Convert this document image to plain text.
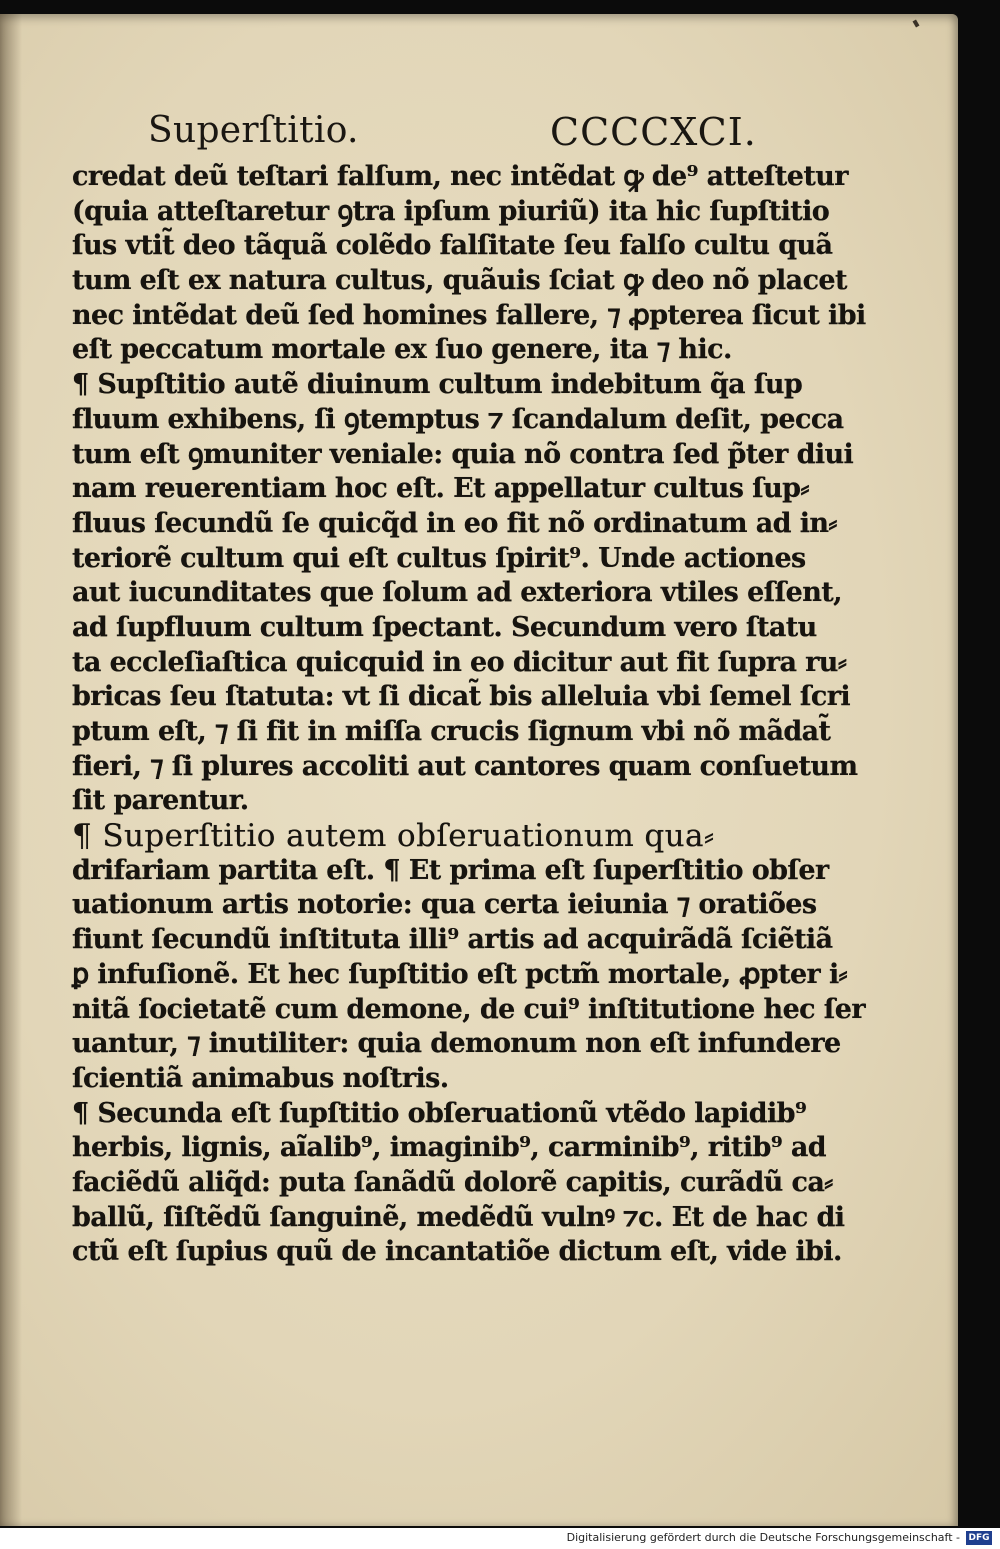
Superſtitio.	CCCCXCI.
credat deũ teſtari falſum, nec intẽdat ꝙ de⁹ atteſtetur
(quia atteſtaretur ꝯtra ipſum piuriũ) ita hic ſupſtitio
ſus vtit̃ deo tãquã colẽdo falſitate ſeu falſo cultu quã
tum eſt ex natura cultus, quãuis ſciat ꝙ deo nõ placet
nec intẽdat deũ ſed homines fallere, ⁊ ꝓpterea ſicut ibi
eſt peccatum mortale ex ſuo genere, ita ⁊ hic.
¶ Supſtitio autẽ diuinum cultum indebitum q̃a ſup
fluum exhibens, ſi ꝯtemptus ⁊ ſcandalum deſit, pecca
tum eſt ꝯmuniter veniale: quia nõ contra ſed p̃ter diui
nam reuerentiam hoc eſt. Et appellatur cultus ſup⸗
fluus ſecundũ ſe quicq̃d in eo fit nõ ordinatum ad in⸗
teriorẽ cultum qui eſt cultus ſpirit⁹. Unde actiones
aut iucunditates que ſolum ad exteriora vtiles eſſent,
ad ſupfluum cultum ſpectant. Secundum vero ſtatu
ta eccleſiaſtica quicquid in eo dicitur aut fit ſupra ru⸗
bricas ſeu ſtatuta: vt ſi dicat̃ bis alleluia vbi ſemel ſcri
ptum eſt, ⁊ ſi fit in miſſa crucis ſignum vbi nõ mãdat̃
fieri, ⁊ ſi plures accoliti aut cantores quam conſuetum
ſit parentur.
¶ Superſtitio autem obſeruationum qua⸗
drifariam partita eſt. ¶ Et prima eſt ſuperſtitio obſer
uationum artis notorie: qua certa ieiunia ⁊ oratiões
fiunt ſecundũ inſtituta illi⁹ artis ad acquirãdã ſciẽtiã
ꝑ infuſionẽ. Et hec ſupſtitio eſt pctm̃ mortale, ꝓpter i⸗
nitã ſocietatẽ cum demone, de cui⁹ inſtitutione hec ſer
uantur, ⁊ inutiliter: quia demonum non eſt infundere
ſcientiã animabus noſtris.
¶ Secunda eſt ſupſtitio obſeruationũ vtẽdo lapidib⁹
herbis, lignis, aĩalib⁹, imaginib⁹, carminib⁹, ritib⁹ ad
faciẽdũ aliq̃d: puta ſanãdũ dolorẽ capitis, curãdũ ca⸗
ballũ, ſiſtẽdũ ſanguinẽ, medẽdũ vulnꝰ ⁊c. Et de hac di
ctũ eſt ſupius quũ de incantatiõe dictum eſt, vide ibi.
Digitalisierung gefördert durch die Deutsche Forschungsgemeinschaft - DFG
